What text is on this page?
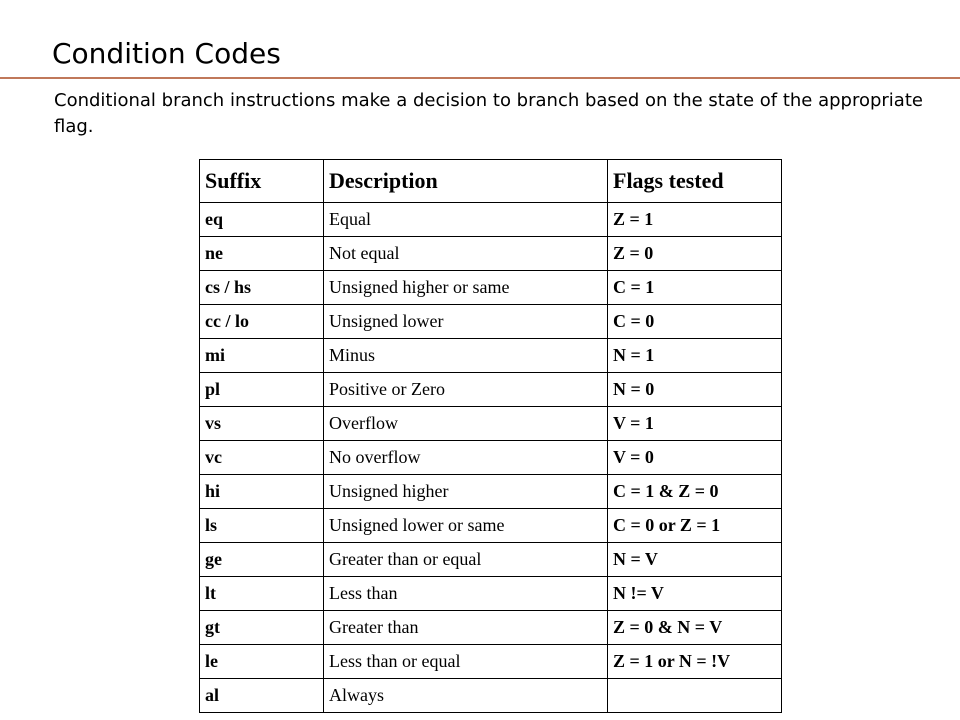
Condition Codes

Conditional branch instructions make a decision to branch based on the state of the appropriate flag.

Suffix	Description	Flags tested
eq	Equal	Z = 1
ne	Not equal	Z = 0
cs / hs	Unsigned higher or same	C = 1
cc / lo	Unsigned lower	C = 0
mi	Minus	N = 1
pl	Positive or Zero	N = 0
vs	Overflow	V = 1
vc	No overflow	V = 0
hi	Unsigned higher	C = 1 & Z = 0
ls	Unsigned lower or same	C = 0 or Z = 1
ge	Greater than or equal	N = V
lt	Less than	N != V
gt	Greater than	Z = 0 & N = V
le	Less than or equal	Z = 1 or N = !V
al	Always	
